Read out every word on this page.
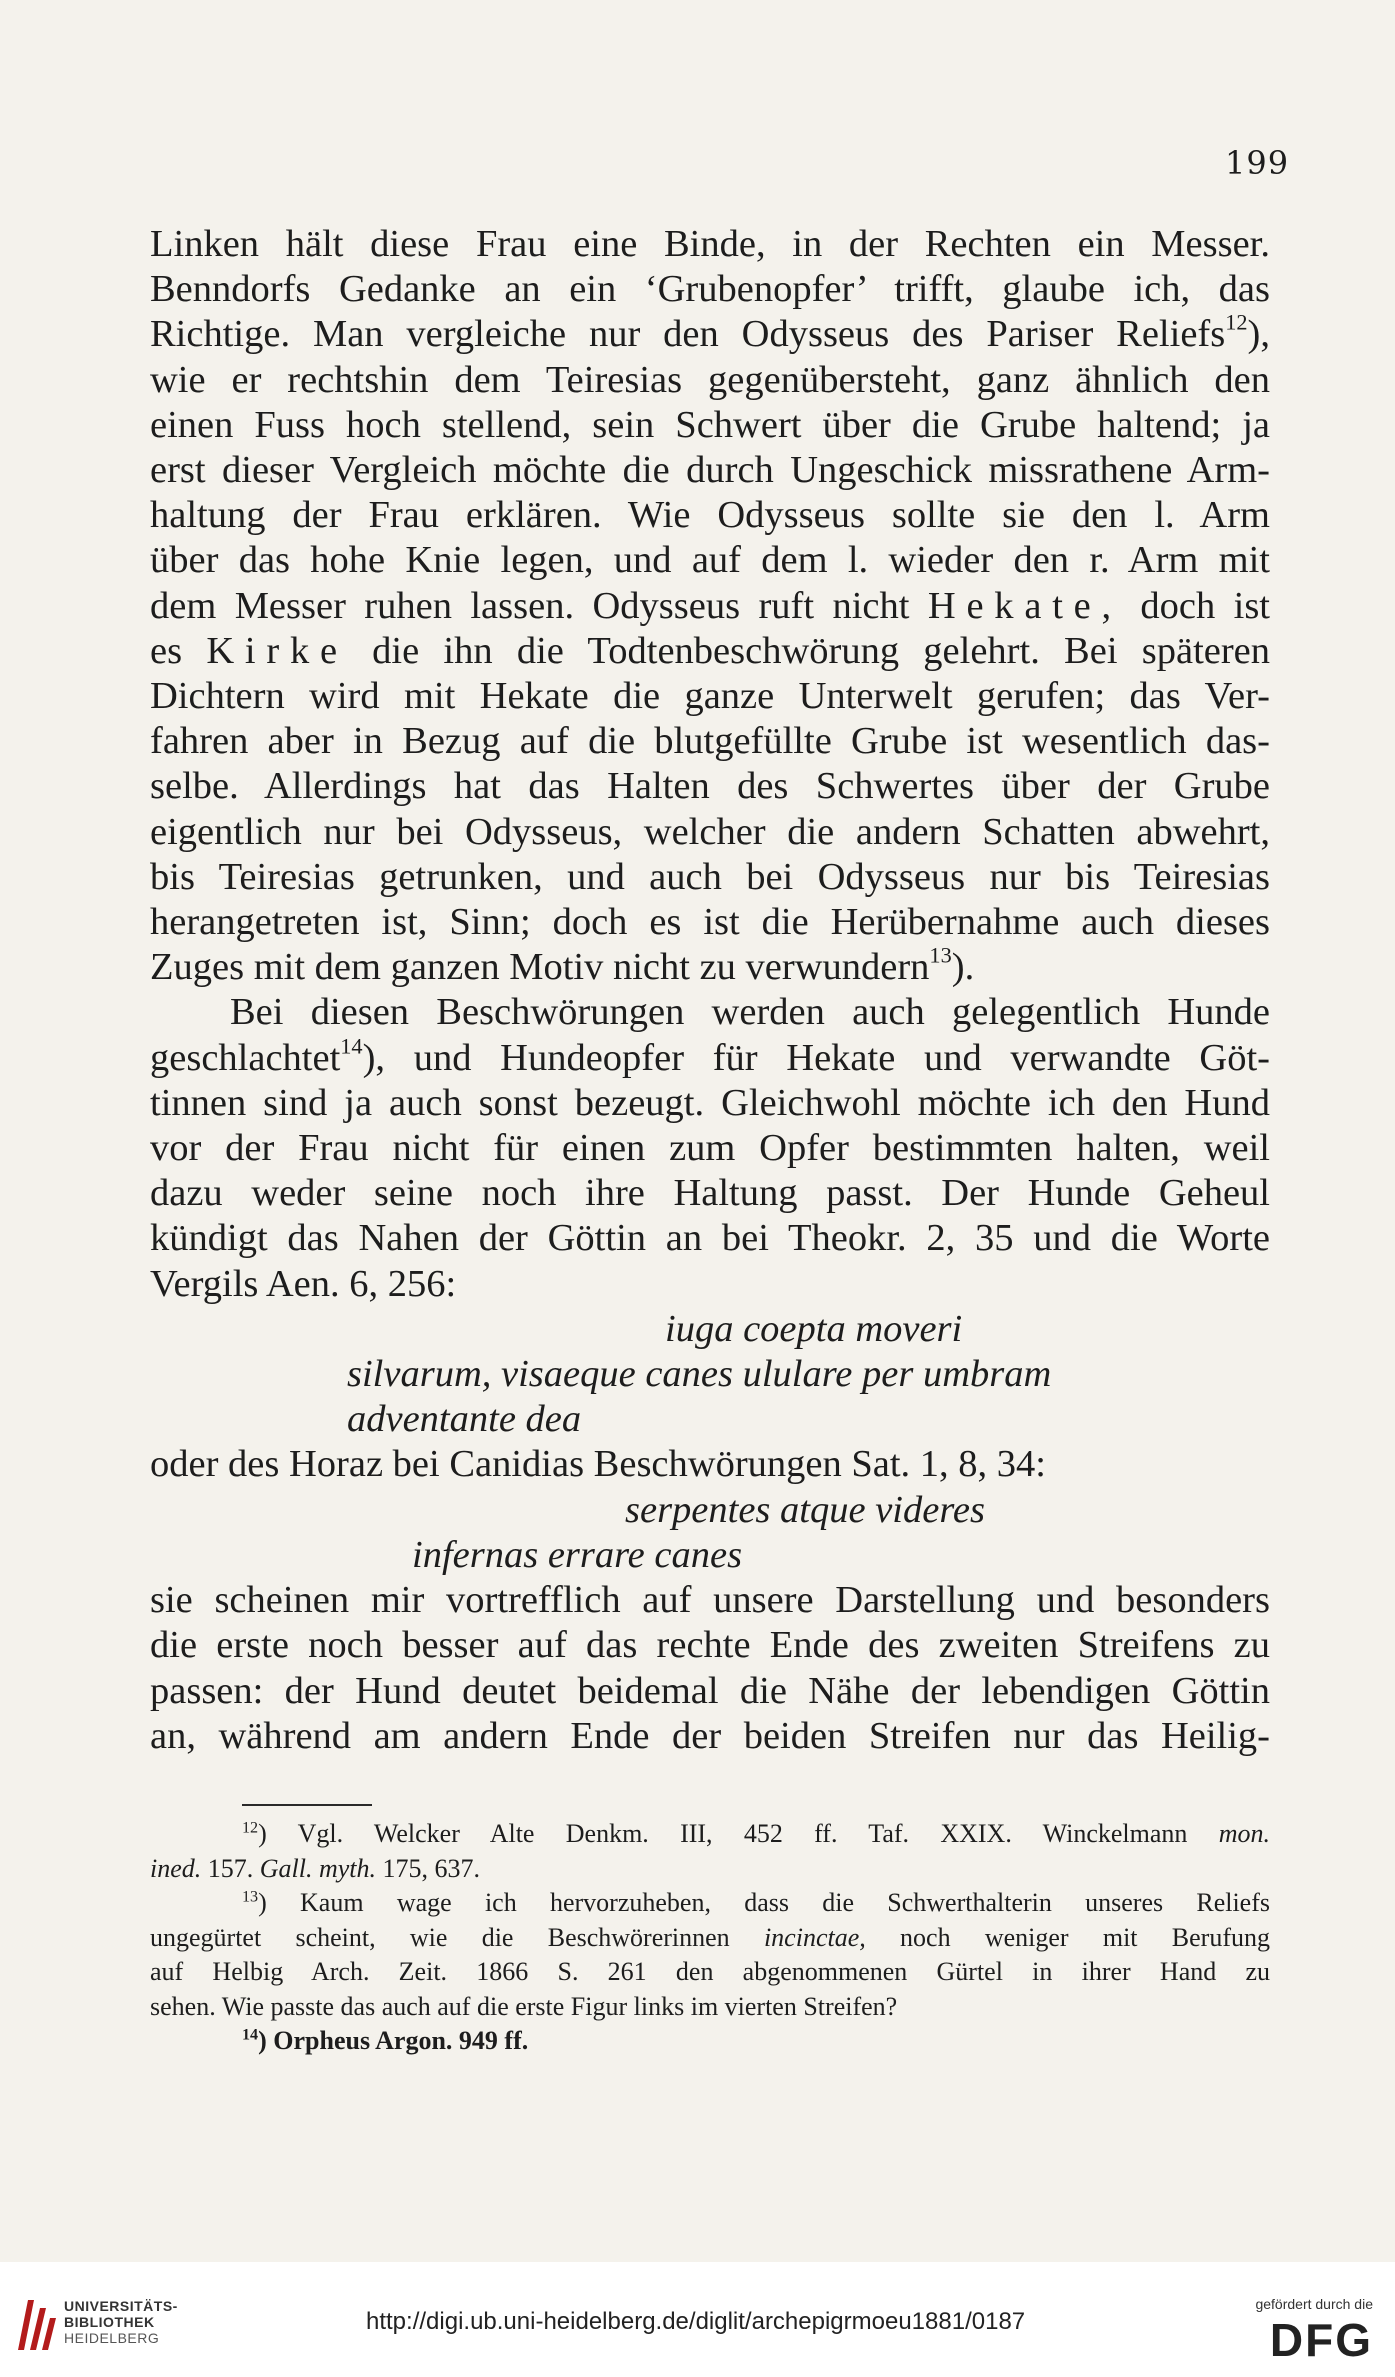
199
Linken hält diese Frau eine Binde, in der Rechten ein Messer.
Benndorfs Gedanke an ein ‘Grubenopfer’ trifft, glaube ich, das
Richtige. Man vergleiche nur den Odysseus des Pariser Reliefs$^{12}$),
wie er rechtshin dem Teiresias gegenübersteht, ganz ähnlich den
einen Fuss hoch stellend, sein Schwert über die Grube haltend; ja
erst dieser Vergleich möchte die durch Ungeschick missrathene Arm-
haltung der Frau erklären. Wie Odysseus sollte sie den l. Arm
über das hohe Knie legen, und auf dem l. wieder den r. Arm mit
dem Messer ruhen lassen. Odysseus ruft nicht Hekate, doch ist
es Kirke die ihn die Todtenbeschwörung gelehrt. Bei späteren
Dichtern wird mit Hekate die ganze Unterwelt gerufen; das Ver-
fahren aber in Bezug auf die blutgefüllte Grube ist wesentlich das-
selbe. Allerdings hat das Halten des Schwertes über der Grube
eigentlich nur bei Odysseus, welcher die andern Schatten abwehrt,
bis Teiresias getrunken, und auch bei Odysseus nur bis Teiresias
herangetreten ist, Sinn; doch es ist die Herübernahme auch dieses
Zuges mit dem ganzen Motiv nicht zu verwundern$^{13}$).
Bei diesen Beschwörungen werden auch gelegentlich Hunde
geschlachtet$^{14}$), und Hundeopfer für Hekate und verwandte Göt-
tinnen sind ja auch sonst bezeugt. Gleichwohl möchte ich den Hund
vor der Frau nicht für einen zum Opfer bestimmten halten, weil
dazu weder seine noch ihre Haltung passt. Der Hunde Geheul
kündigt das Nahen der Göttin an bei Theokr. 2, 35 und die Worte
Vergils Aen. 6, 256:
iuga coepta moveri
silvarum, visaeque canes ululare per umbram
adventante dea
oder des Horaz bei Canidias Beschwörungen Sat. 1, 8, 34:
serpentes atque videres
infernas errare canes
sie scheinen mir vortrefflich auf unsere Darstellung und besonders
die erste noch besser auf das rechte Ende des zweiten Streifens zu
passen: der Hund deutet beidemal die Nähe der lebendigen Göttin
an, während am andern Ende der beiden Streifen nur das Heilig-
$^{12}$) Vgl. Welcker Alte Denkm. III, 452 ff. Taf. XXIX. Winckelmann mon.
ined. 157. Gall. myth. 175, 637.
$^{13}$) Kaum wage ich hervorzuheben, dass die Schwerthalterin unseres Reliefs
ungegürtet scheint, wie die Beschwörerinnen incinctae, noch weniger mit Berufung
auf Helbig Arch. Zeit. 1866 S. 261 den abgenommenen Gürtel in ihrer Hand zu
sehen. Wie passte das auch auf die erste Figur links im vierten Streifen?
$^{14}$) Orpheus Argon. 949 ff.
UNIVERSITÄTS-
BIBLIOTHEK
HEIDELBERG
http://digi.ub.uni-heidelberg.de/diglit/archepigrmoeu1881/0187
gefördert durch die
DFG
